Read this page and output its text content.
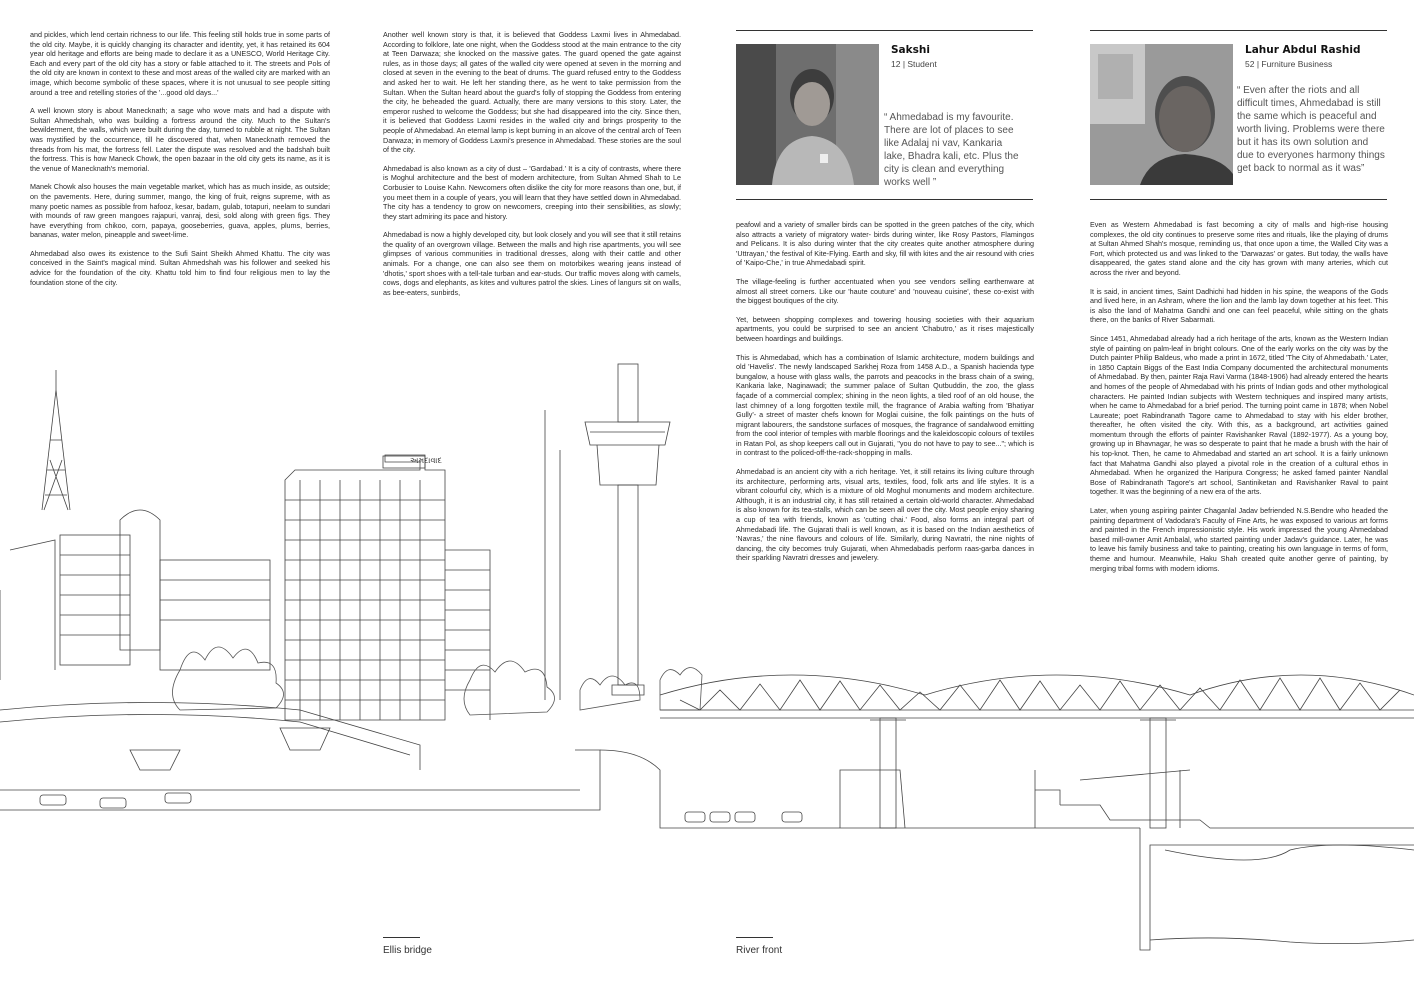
and pickles, which lend certain richness to our life. This feeling still holds true in some parts of the old city. Maybe, it is quickly changing its character and identity, yet, it has retained its 604 year old heritage and efforts are being made to declare it as a UNESCO, World Heritage City. Each and every part of the old city has a story or fable attached to it. The streets and Pols of the old city are known in context to these and most areas of the walled city are marked with an image, which become symbolic of these spaces, where it is not unusual to see people sitting around a tree and retelling stories of the '...good old days...'

A well known story is about Manecknath; a sage who wove mats and had a dispute with Sultan Ahmedshah, who was building a fortress around the city. Much to the Sultan's bewilderment, the walls, which were built during the day, turned to rubble at night. The Sultan was mystified by the occurrence, till he discovered that, when Manecknath removed the threads from his mat, the fortress fell. Later the dispute was resolved and the badshah built the fortress. This is how Maneck Chowk, the open bazaar in the old city gets its name, as it is the venue of Manecknath's memorial.

Manek Chowk also houses the main vegetable market, which has as much inside, as outside; on the pavements. Here, during summer, mango, the king of fruit, reigns supreme, with as many poetic names as possible from hafooz, kesar, badam, gulab, totapuri, neelam to sundari with mounds of raw green mangoes rajapuri, vanraj, desi, sold along with green figs. They have everything from chikoo, corn, papaya, gooseberries, guava, apples, plums, berries, bananas, water melon, pineapple and sweet-lime.

Ahmedabad also owes its existence to the Sufi Saint Sheikh Ahmed Khattu. The city was conceived in the Saint's magical mind. Sultan Ahmedshah was his follower and seeked his advice for the foundation of the city. Khattu told him to find four religious men to lay the foundation stone of the city.

Another well known story is that, it is believed that Goddess Laxmi lives in Ahmedabad. According to folklore, late one night, when the Goddess stood at the main entrance to the city at Teen Darwaza; she knocked on the massive gates. The guard opened the gate against rules, as in those days; all gates of the walled city were opened at seven in the morning and closed at seven in the evening to the beat of drums. The guard refused entry to the Goddess and asked her to wait. He left her standing there, as he went to take permission from the Sultan. When the Sultan heard about the guard's folly of stopping the Goddess from entering the city, he beheaded the guard. Actually, there are many versions to this story. Later, the emperor rushed to welcome the Goddess; but she had disappeared into the city. Since then, it is believed that Goddess Laxmi resides in the walled city and brings prosperity to the people of Ahmedabad. An eternal lamp is kept burning in an alcove of the central arch of Teen Darwaza; in memory of Goddess Laxmi's presence in Ahmedabad. These stories are the soul of the city.

Ahmedabad is also known as a city of dust – 'Gardabad.' It is a city of contrasts, where there is Moghul architecture and the best of modern architecture, from Sultan Ahmed Shah to Le Corbusier to Louise Kahn. Newcomers often dislike the city for more reasons than one, but, if you meet them in a couple of years, you will learn that they have settled down in Ahmedabad. The city has a tendency to grow on newcomers, creeping into their sensibilities, as slowly; they start admiring its pace and history.

Ahmedabad is now a highly developed city, but look closely and you will see that it still retains the quality of an overgrown village. Between the malls and high rise apartments, you will see glimpses of various communities in traditional dresses, along with their cattle and other animals. For a change, one can also see them on motorbikes wearing jeans instead of 'dhotis,' sport shoes with a tell-tale turban and ear-studs. Our traffic moves along with camels, cows, dogs and elephants, as kites and vultures patrol the skies. Lines of langurs sit on walls, as bee-eaters, sunbirds,

peafowl and a variety of smaller birds can be spotted in the green patches of the city, which also attracts a variety of migratory water- birds during winter, like Rosy Pastors, Flamingos and Pelicans. It is also during winter that the city creates quite another atmosphere during 'Uttrayan,' the festival of Kite-Flying. Earth and sky, fill with kites and the air resound with cries of 'Kaipo-Che,' in true Ahmedabadi spirit.

The village-feeling is further accentuated when you see vendors selling earthenware at almost all street corners. Like our 'haute couture' and 'nouveau cuisine', these co-exist with the biggest boutiques of the city.

Yet, between shopping complexes and towering housing societies with their aquarium apartments, you could be surprised to see an ancient 'Chabutro,' as it rises majestically between hoardings and buildings.

This is Ahmedabad, which has a combination of Islamic architecture, modern buildings and old 'Havelis'. The newly landscaped Sarkhej Roza from 1458 A.D., a Spanish hacienda type bungalow, a house with glass walls, the parrots and peacocks in the brass chain of a swing, Kankaria lake, Naginawadi; the summer palace of Sultan Qutbuddin, the zoo, the glass façade of a commercial complex; shining in the neon lights, a tiled roof of an old house, the last chimney of a long forgotten textile mill, the fragrance of Arabia wafting from 'Bhatiyar Gully'- a street of master chefs known for Moglai cuisine, the folk paintings on the huts of migrant labourers, the sandstone surfaces of mosques, the fragrance of sandalwood emitting from the cool interior of temples with marble floorings and the kaleidoscopic colours of textiles in Ratan Pol, as shop keepers call out in Gujarati, "you do not have to pay to see..."; which is in contrast to the policed-off-the-rack-shopping in malls.

Ahmedabad is an ancient city with a rich heritage. Yet, it still retains its living culture through its architecture, performing arts, visual arts, textiles, food, folk arts and life styles. It is a vibrant colourful city, which is a mixture of old Moghul monuments and modern architecture. Although, it is an industrial city, it has still retained a certain old-world character. Ahmedabad is also known for its tea-stalls, which can be seen all over the city. Most people enjoy sharing a cup of tea with friends, known as 'cutting chai.' Food, also forms an integral part of Ahmedabadi life. The Gujarati thali is well known, as it is based on the Indian aesthetics of 'Navras,' the nine flavours and colours of life. Similarly, during Navratri, the nine nights of dancing, the city becomes truly Gujarati, when Ahmedabadis perform raas-garba dances in their sparkling Navratri dresses and jewelery.

Even as Western Ahmedabad is fast becoming a city of malls and high-rise housing complexes, the old city continues to preserve some rites and rituals, like the playing of drums at Sultan Ahmed Shah's mosque, reminding us, that once upon a time, the Walled City was a Fort, which protected us and was linked to the 'Darwazas' or gates. But today, the walls have disappeared, the gates stand alone and the city has grown with many arteries, which cut across the river and beyond.

It is said, in ancient times, Saint Dadhichi had hidden in his spine, the weapons of the Gods and lived here, in an Ashram, where the lion and the lamb lay down together at his feet. This is also the land of Mahatma Gandhi and one can feel peaceful, while sitting on the ghats there, on the banks of River Sabarmati.

Since 1451, Ahmedabad already had a rich heritage of the arts, known as the Western Indian style of painting on palm-leaf in bright colours. One of the early works on the city was by the Dutch painter Philip Baldeus, who made a print in 1672, titled 'The City of Ahmedabath.' Later, in 1850 Captain Biggs of the East India Company documented the architectural monuments of Ahmedabad. By then, painter Raja Ravi Varma (1848-1906) had already entered the hearts and homes of the people of Ahmedabad with his prints of Indian gods and other mythological characters. He painted Indian subjects with Western techniques and inspired many artists, when he came to Ahmedabad for a brief period. The turning point came in 1878; when Nobel Laureate; poet Rabindranath Tagore came to Ahmedabad to stay with his elder brother, thereafter, he often visited the city. With this, as a background, art activities gained momentum through the efforts of painter Ravishanker Raval (1892-1977). As a young boy, growing up in Bhavnagar, he was so desperate to paint that he made a brush with the hair of his top-knot. Then, he came to Ahmedabad and started an art school. It is a fairly unknown fact that Mahatma Gandhi also played a pivotal role in the creation of a cultural ethos in Ahmedabad. When he organized the Haripura Congress; he asked famed painter Nandlal Bose of Rabindranath Tagore's art school, Santiniketan and Ravishanker Raval to paint together. It was the beginning of a new era of the arts.

Later, when young aspiring painter Chaganlal Jadav befriended N.S.Bendre who headed the painting department of Vadodara's Faculty of Fine Arts, he was exposed to various art forms and painted in the French impressionistic style. His work impressed the young Ahmedabad based mill-owner Amit Ambalal, who started painting under Jadav's guidance. Later, he was to leave his family business and take to painting, creating his own language in terms of form, theme and humour. Meanwhile, Haku Shah created quite another genre of painting, by merging tribal forms with modern idioms.

Sakshi
12 | Student
“ Ahmedabad is my favourite. There are lot of places to see like Adalaj ni vav, Kankaria lake, Bhadra kali, etc. Plus the city is clean and everything works well ”
Lahur Abdul Rashid
52 | Furniture Business
“ Even after the riots and all difficult times, Ahmedabad is still the same which is peaceful and worth living. Problems were there but it has its own solution and due to everyones harmony things get back to normal as it was”
અમદાવાદ
Ellis bridge	River front
